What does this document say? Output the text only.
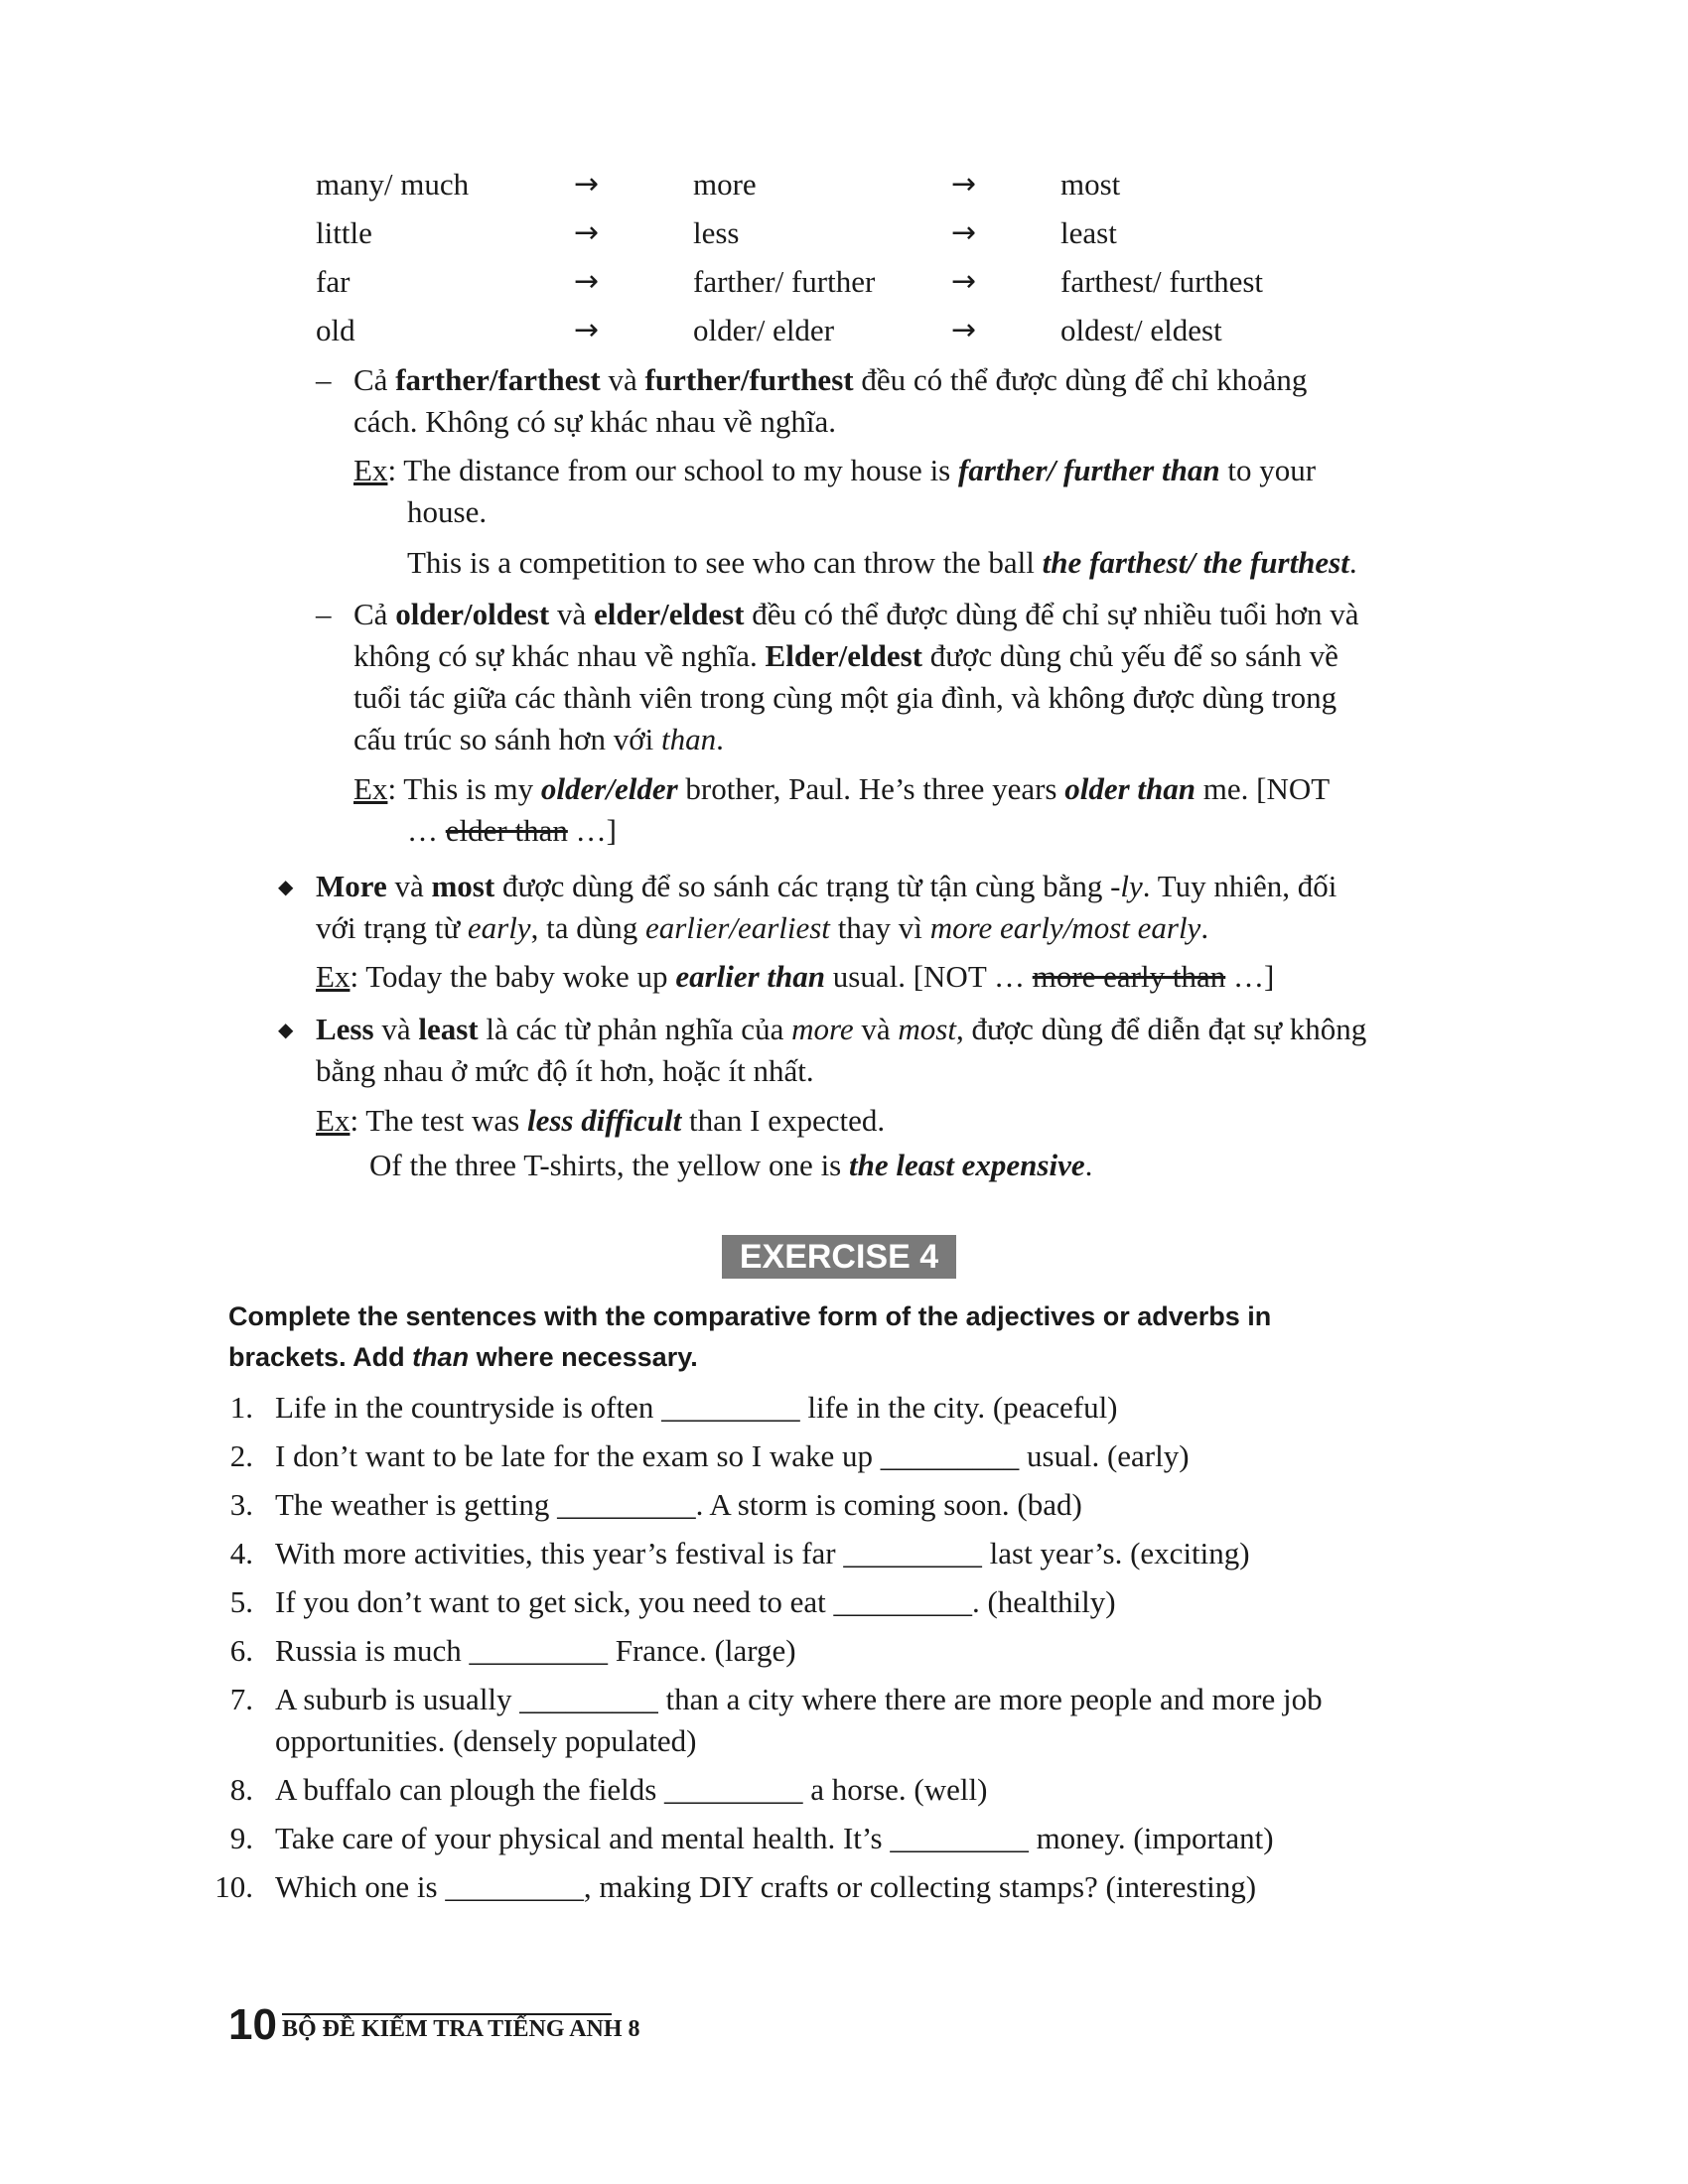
many/ much	→	more	→	most
little	→	less	→	least
far	→	farther/ further	→	farthest/ furthest
old	→	older/ elder	→	oldest/ eldest
– Cả farther/farthest và further/furthest đều có thể được dùng để chỉ khoảng
cách. Không có sự khác nhau về nghĩa.
Ex: The distance from our school to my house is farther/ further than to your
house.
This is a competition to see who can throw the ball the farthest/ the furthest.
– Cả older/oldest và elder/eldest đều có thể được dùng để chỉ sự nhiều tuổi hơn và
không có sự khác nhau về nghĩa. Elder/eldest được dùng chủ yếu để so sánh về
tuổi tác giữa các thành viên trong cùng một gia đình, và không được dùng trong
cấu trúc so sánh hơn với than.
Ex: This is my older/elder brother, Paul. He’s three years older than me. [NOT
… elder than …]
◆ More và most được dùng để so sánh các trạng từ tận cùng bằng -ly. Tuy nhiên, đối
với trạng từ early, ta dùng earlier/earliest thay vì more early/most early.
Ex: Today the baby woke up earlier than usual. [NOT … more early than …]
◆ Less và least là các từ phản nghĩa của more và most, được dùng để diễn đạt sự không
bằng nhau ở mức độ ít hơn, hoặc ít nhất.
Ex: The test was less difficult than I expected.
Of the three T-shirts, the yellow one is the least expensive.
EXERCISE 4
Complete the sentences with the comparative form of the adjectives or adverbs in
brackets. Add than where necessary.
1. Life in the countryside is often _________ life in the city. (peaceful)
2. I don’t want to be late for the exam so I wake up _________ usual. (early)
3. The weather is getting _________. A storm is coming soon. (bad)
4. With more activities, this year’s festival is far _________ last year’s. (exciting)
5. If you don’t want to get sick, you need to eat _________. (healthily)
6. Russia is much _________ France. (large)
7. A suburb is usually _________ than a city where there are more people and more job
opportunities. (densely populated)
8. A buffalo can plough the fields _________ a horse. (well)
9. Take care of your physical and mental health. It’s _________ money. (important)
10. Which one is _________, making DIY crafts or collecting stamps? (interesting)
10 BỘ ĐỀ KIỂM TRA TIẾNG ANH 8
